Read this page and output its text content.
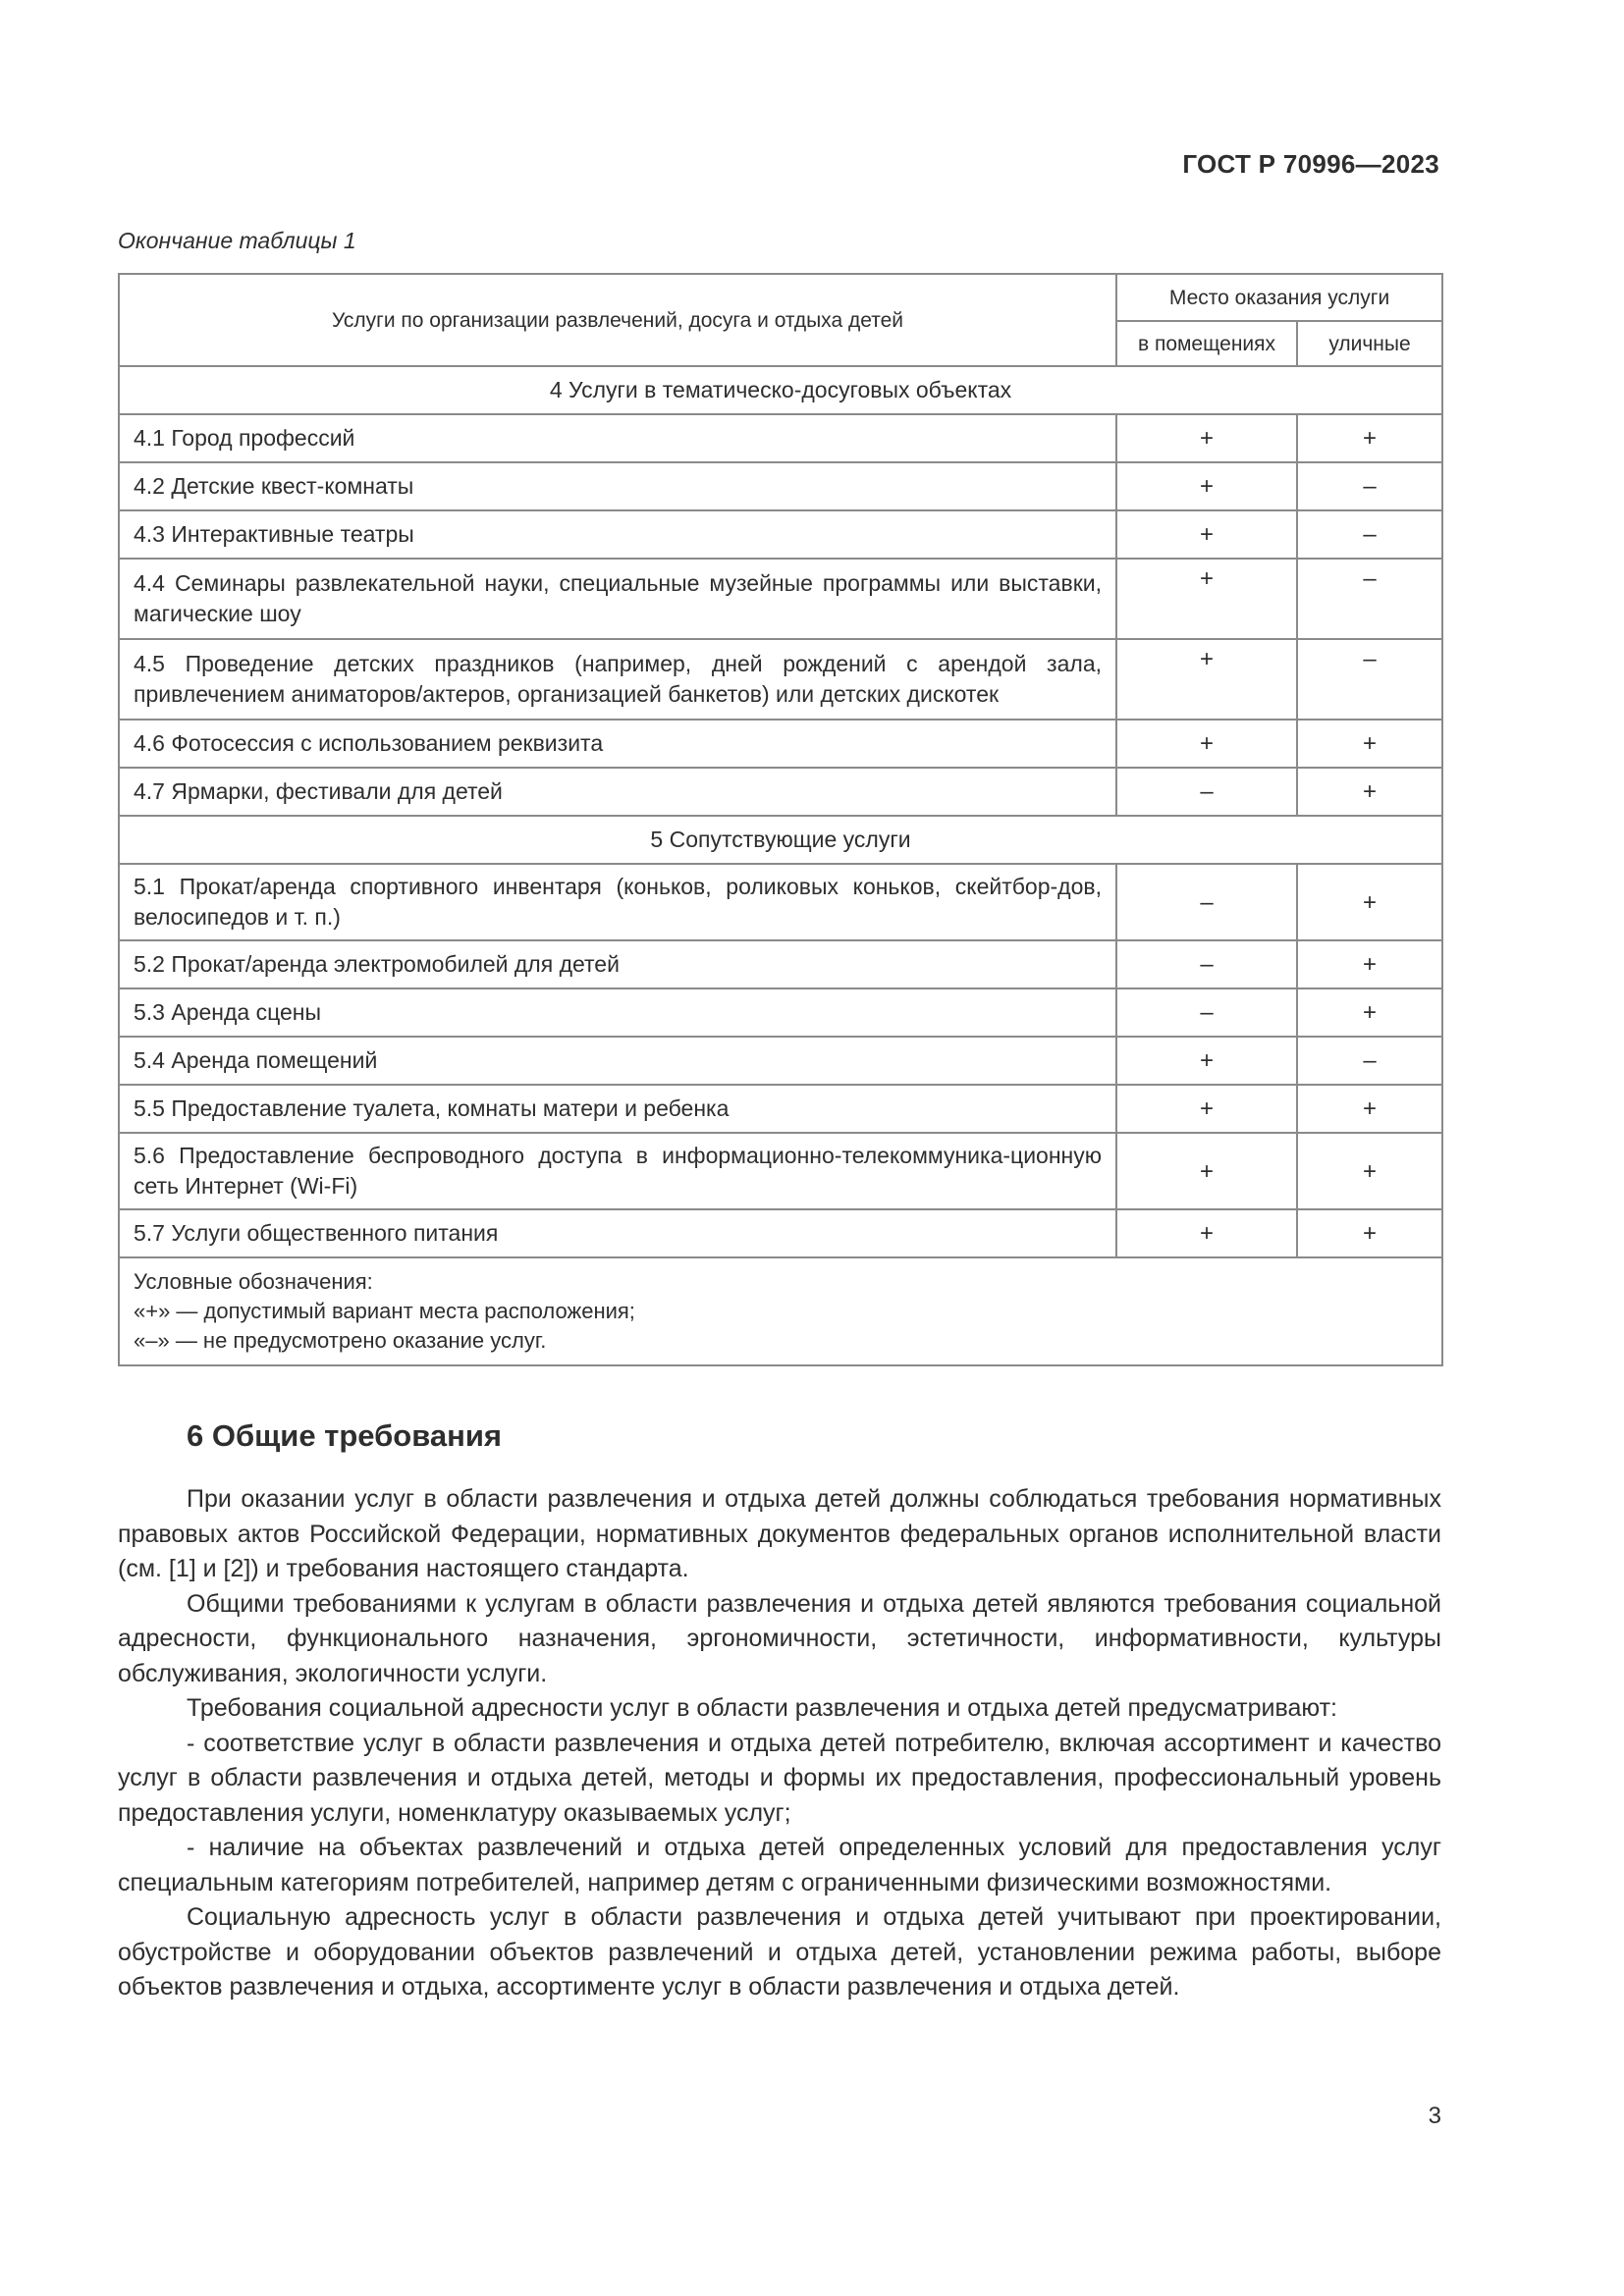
ГОСТ Р 70996—2023
Окончание таблицы 1
Услуги по организации развлечений, досуга и отдыха детей	Место оказания услуги	
	в помещениях	уличные
4 Услуги в тематическо-досуговых объектах		
4.1 Город профессий	+	+
4.2 Детские квест-комнаты	+	–
4.3 Интерактивные театры	+	–
4.4 Семинары развлекательной науки, специальные музейные программы или выставки, магические шоу	+	–
4.5 Проведение детских праздников (например, дней рождений с арендой зала, привлечением аниматоров/актеров, организацией банкетов) или детских дискотек	+	–
4.6 Фотосессия с использованием реквизита	+	+
4.7 Ярмарки, фестивали для детей	–	+
5 Сопутствующие услуги		
5.1 Прокат/аренда спортивного инвентаря (коньков, роликовых коньков, скейтбор-дов, велосипедов и т. п.)	–	+
5.2 Прокат/аренда электромобилей для детей	–	+
5.3 Аренда сцены	–	+
5.4 Аренда помещений	+	–
5.5 Предоставление туалета, комнаты матери и ребенка	+	+
5.6 Предоставление беспроводного доступа в информационно-телекоммуника-ционную сеть Интернет (Wi-Fi)	+	+
5.7 Услуги общественного питания	+	+

Условные обозначения:
«+» — допустимый вариант места расположения;
«–» — не предусмотрено оказание услуг.		
6 Общие требования

При оказании услуг в области развлечения и отдыха детей должны соблюдаться требования нормативных правовых актов Российской Федерации, нормативных документов федеральных органов исполнительной власти (см. [1] и [2]) и требования настоящего стандарта.

Общими требованиями к услугам в области развлечения и отдыха детей являются требования социальной адресности, функционального назначения, эргономичности, эстетичности, информативности, культуры обслуживания, экологичности услуги.

Требования социальной адресности услуг в области развлечения и отдыха детей предусматривают:

- соответствие услуг в области развлечения и отдыха детей потребителю, включая ассортимент и качество услуг в области развлечения и отдыха детей, методы и формы их предоставления, профессиональный уровень предоставления услуги, номенклатуру оказываемых услуг;

- наличие на объектах развлечений и отдыха детей определенных условий для предоставления услуг специальным категориям потребителей, например детям с ограниченными физическими возможностями.

Социальную адресность услуг в области развлечения и отдыха детей учитывают при проектировании, обустройстве и оборудовании объектов развлечений и отдыха детей, установлении режима работы, выборе объектов развлечения и отдыха, ассортименте услуг в области развлечения и отдыха детей.

3
